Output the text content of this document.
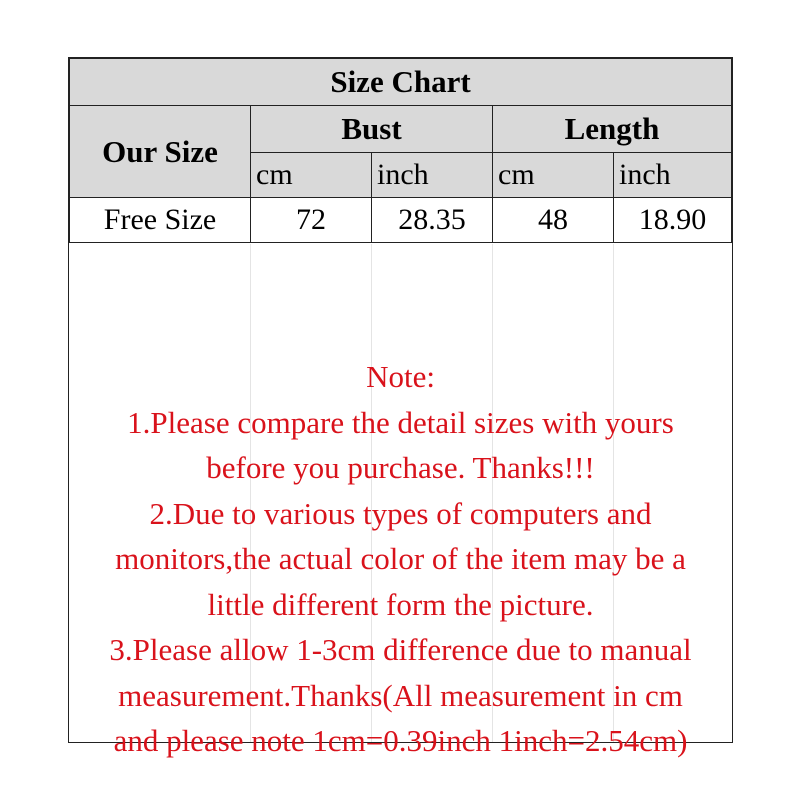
Size Chart				
Our Size	Bust		Length	
	cm	inch	cm	inch
Free Size	72	28.35	48	18.90
Note:
1.Please compare the detail sizes with yours
before you purchase. Thanks!!!
2.Due to various types of computers and
monitors,the actual color of the item may be a
little different form the picture.
3.Please allow 1-3cm difference due to manual
measurement.Thanks(All measurement in cm
and please note 1cm=0.39inch 1inch=2.54cm)
